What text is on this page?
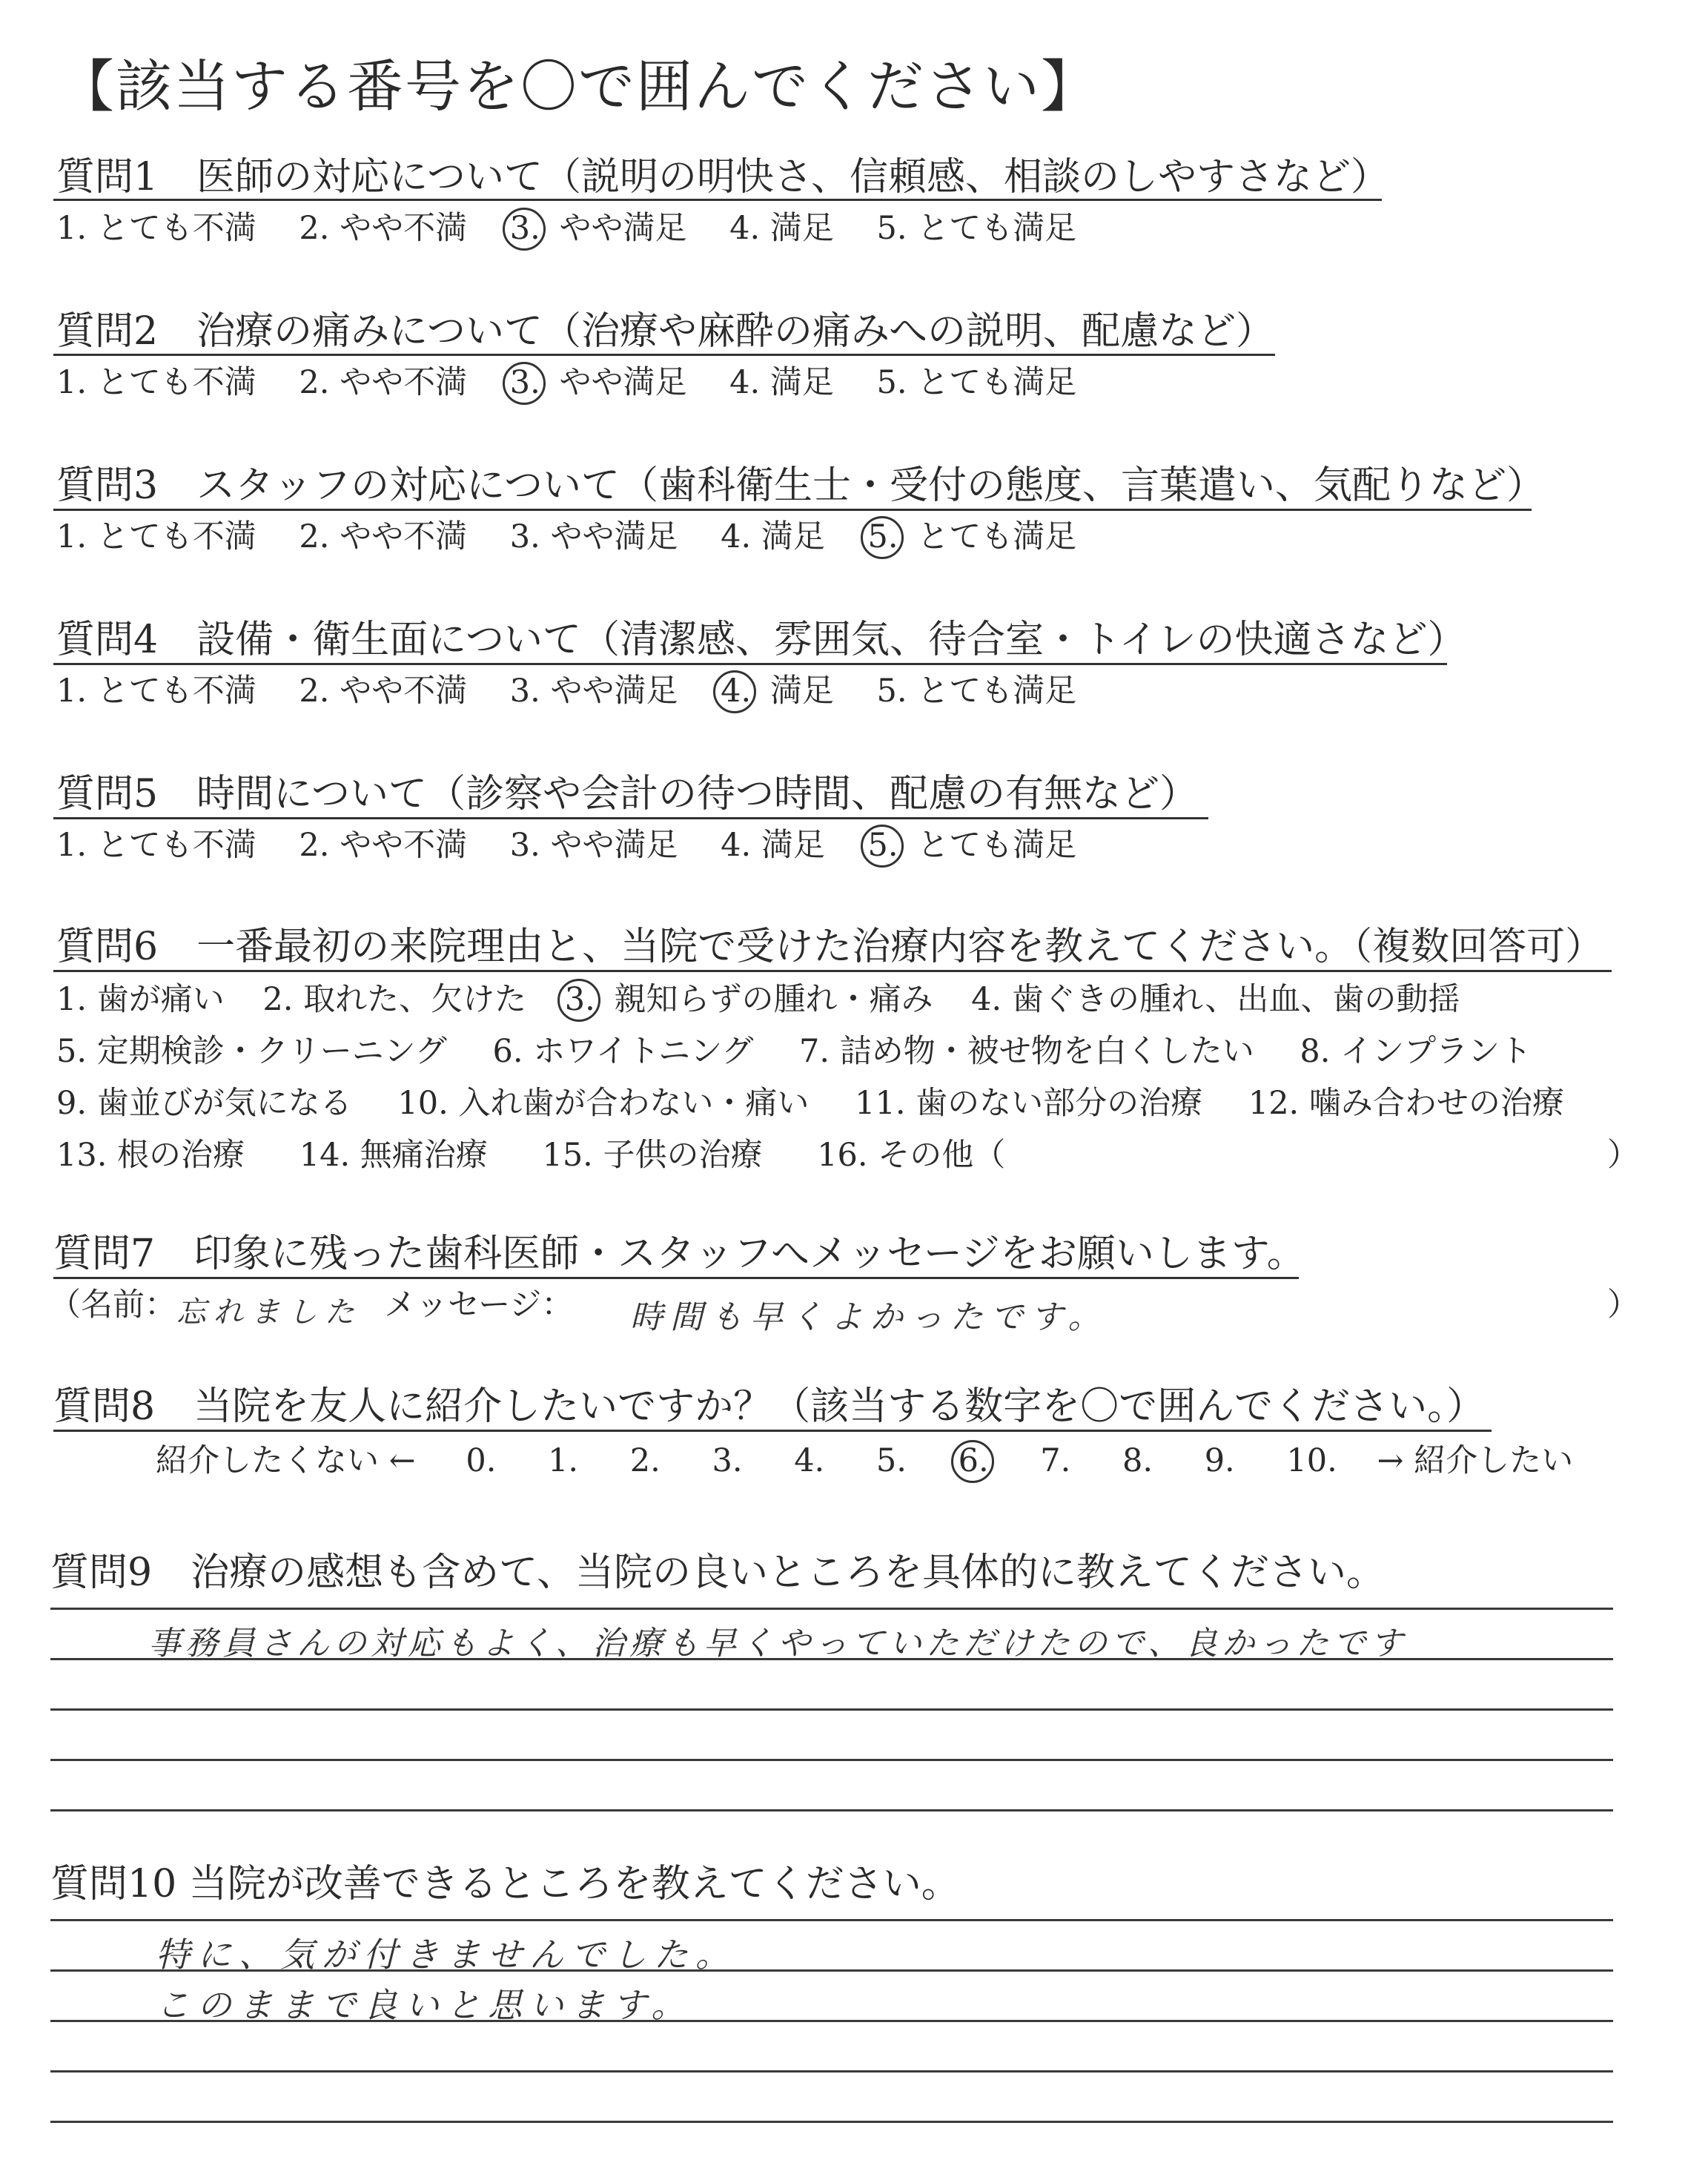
【該当する番号を〇で囲んでください】
質問1　医師の対応について（説明の明快さ、信頼感、相談のしやすさなど）
1. とても不満 2. やや不満 3. やや満足 4. 満足 5. とても満足
質問2　治療の痛みについて（治療や麻酔の痛みへの説明、配慮など）
1. とても不満 2. やや不満 3. やや満足 4. 満足 5. とても満足
質問3　スタッフの対応について（歯科衛生士・受付の態度、言葉遣い、気配りなど）
1. とても不満 2. やや不満 3. やや満足 4. 満足 5. とても満足
質問4　設備・衛生面について（清潔感、雰囲気、待合室・トイレの快適さなど）
1. とても不満 2. やや不満 3. やや満足 4. 満足 5. とても満足
質問5　時間について（診察や会計の待つ時間、配慮の有無など）
1. とても不満 2. やや不満 3. やや満足 4. 満足 5. とても満足
質問6　一番最初の来院理由と、当院で受けた治療内容を教えてください。（複数回答可）
1. 歯が痛い 2. 取れた、欠けた 3. 親知らずの腫れ・痛み 4. 歯ぐきの腫れ、出血、歯の動揺
5. 定期検診・クリーニング 6. ホワイトニング 7. 詰め物・被せ物を白くしたい 8. インプラント
9. 歯並びが気になる 10. 入れ歯が合わない・痛い 11. 歯のない部分の治療 12. 噛み合わせの治療
13. 根の治療 14. 無痛治療 15. 子供の治療 16. その他（	）
質問7　印象に残った歯科医師・スタッフへメッセージをお願いします。
（名前： 忘れました メッセージ： 時間も早くよかったです。	）
質問8　当院を友人に紹介したいですか？（該当する数字を〇で囲んでください。）
紹介したくない ← 0. 1. 2. 3. 4. 5. 6. 7. 8. 9. 10. → 紹介したい
質問9　治療の感想も含めて、当院の良いところを具体的に教えてください。
事務員さんの対応もよく、治療も早くやっていただけたので、良かったです
質問10 当院が改善できるところを教えてください。
特に、気が付きませんでした。
このままで良いと思います。
